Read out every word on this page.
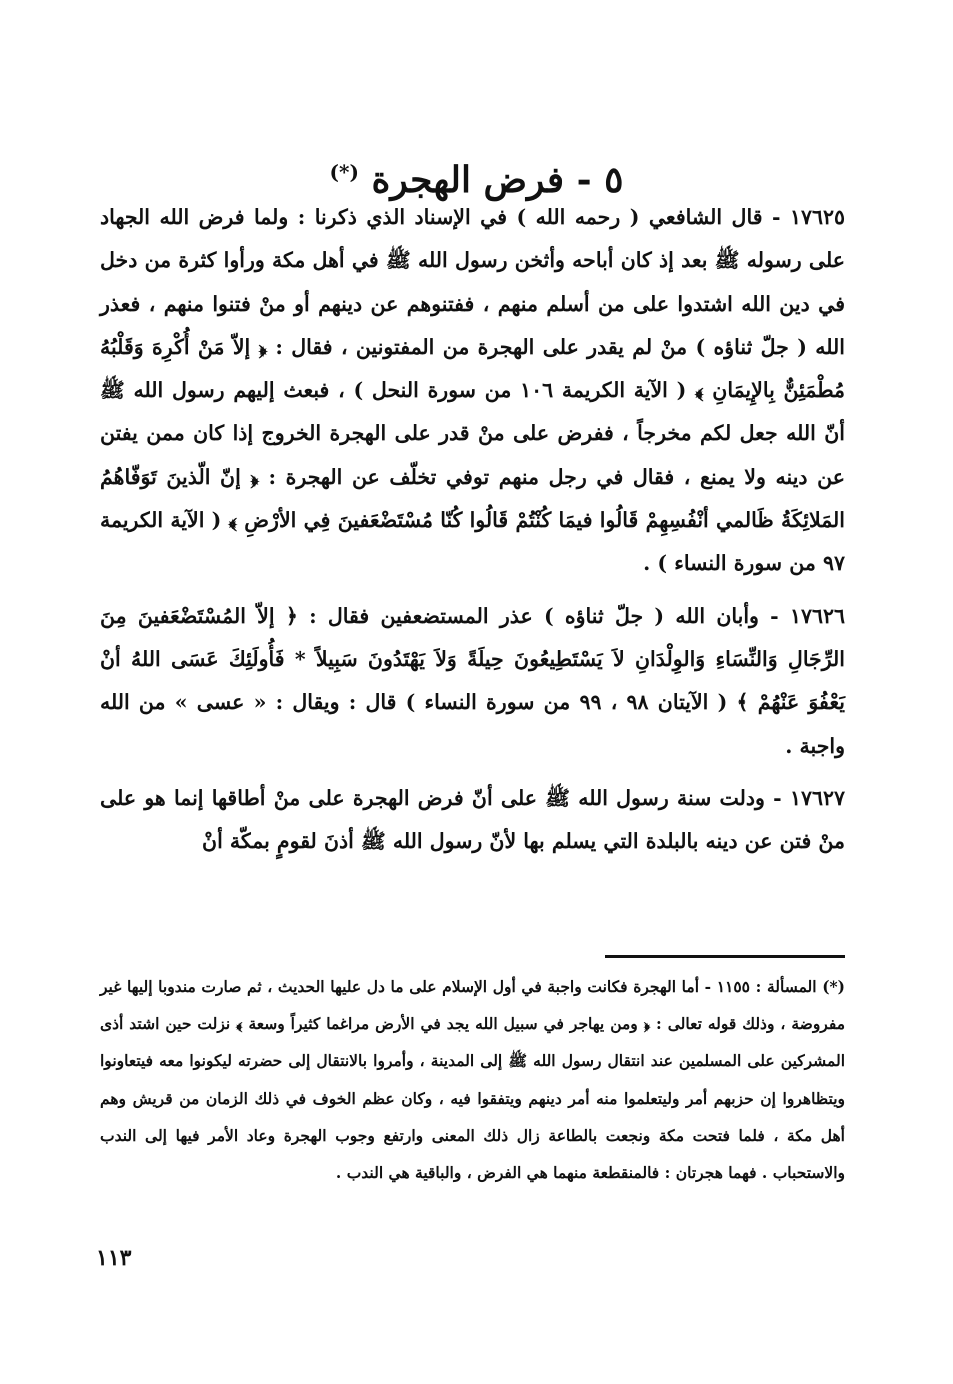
٥ - فرض الهجرة (*)

١٧٦٢٥ - قال الشافعي ( رحمه الله ) في الإسناد الذي ذكرنا : ولما فرض الله الجهاد على رسوله ﷺ بعد إذ كان أباحه وأثخن رسول الله ﷺ في أهل مكة ورأوا كثرة من دخل في دين الله اشتدوا على من أسلم منهم ، ففتنوهم عن دينهم أو منْ فتنوا منهم ، فعذر الله ( جلّ ثناؤه ) منْ لم يقدر على الهجرة من المفتونين ، فقال : ﴿ إلاّ مَنْ أُكْرِهَ وَقَلْبُهُ مُطْمَئِنٌّ بِالإِيمَانِ ﴾ ( الآية الكريمة ١٠٦ من سورة النحل ) ، فبعث إليهم رسول الله ﷺ أنّ الله جعل لكم مخرجاً ، ففرض على منْ قدر على الهجرة الخروج إذا كان ممن يفتن عن دينه ولا يمنع ، فقال في رجل منهم توفي تخلّف عن الهجرة : ﴿ إنّ الّذينَ تَوَفّاهُمُ المَلائِكَةُ ظَالمي أنْفُسِهِمْ قَالُوا فيمَا كُنْتُمْ قَالُوا كُنّا مُسْتَضْعَفينَ فِي الأرْضِ ﴾ ( الآية الكريمة ٩٧ من سورة النساء ) .

١٧٦٢٦ - وأبان الله ( جلّ ثناؤه ) عذر المستضعفين فقال : ﴿ إلاّ المُسْتَضْعَفينَ مِنَ الرِّجَالِ وَالنِّسَاءِ وَالوِلْدَانِ لاَ يَسْتَطِيعُونَ حِيلَةً وَلاَ يَهْتَدُونَ سَبِيلاً * فَأُولَئِكَ عَسَى اللهُ أنْ يَعْفُوَ عَنْهُمْ ﴾ ( الآيتان ٩٨ ، ٩٩ من سورة النساء ) قال : ويقال : « عسى » من الله واجبة .

١٧٦٢٧ - ودلت سنة رسول الله ﷺ على أنّ فرض الهجرة على منْ أطاقها إنما هو على منْ فتن عن دينه بالبلدة التي يسلم بها لأنّ رسول الله ﷺ أذنَ لقومٍ بمكّة أنْ

(*) المسألة : ١١٥٥ - أما الهجرة فكانت واجبة في أول الإسلام على ما دل عليها الحديث ، ثم صارت مندوبا إليها غير مفروضة ، وذلك قوله تعالى : ﴿ ومن يهاجر في سبيل الله يجد في الأرض مراغما كثيراً وسعة ﴾ نزلت حين اشتد أذى المشركين على المسلمين عند انتقال رسول الله ﷺ إلى المدينة ، وأمروا بالانتقال إلى حضرته ليكونوا معه فيتعاونوا ويتظاهروا إن حزبهم أمر وليتعلموا منه أمر دينهم ويتفقوا فيه ، وكان عظم الخوف في ذلك الزمان من قريش وهم أهل مكة ، فلما فتحت مكة ونجعت بالطاعة زال ذلك المعنى وارتفع وجوب الهجرة وعاد الأمر فيها إلى الندب والاستحباب . فهما هجرتان : فالمنقطعة منهما هي الفرض ، والباقية هي الندب .
١١٣
